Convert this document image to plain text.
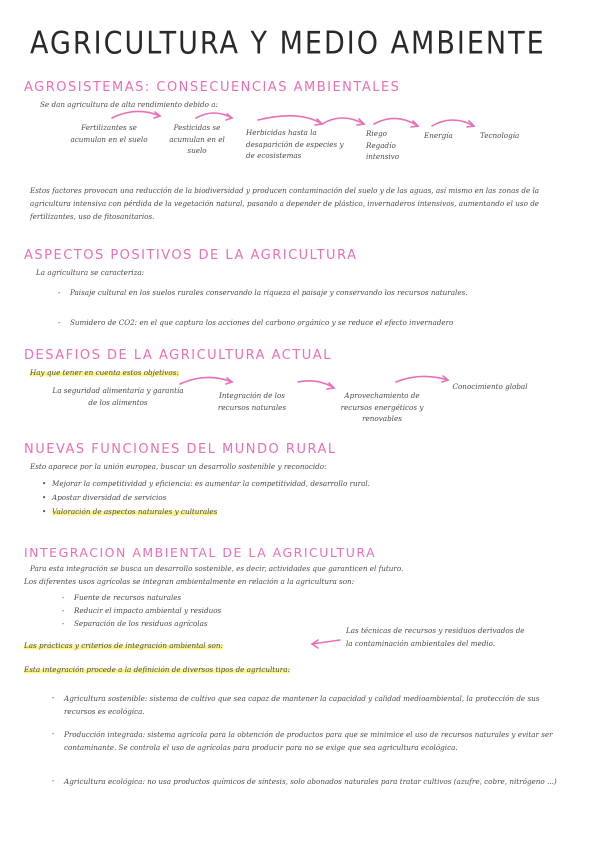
AGRICULTURA Y MEDIO AMBIENTE
AGROSISTEMAS: CONSECUENCIAS AMBIENTALES
Se dan agricultura de alta rendimiento debido a:
Fertilizantes se acumulan en el suelo
Pesticidas se acumulan en el suelo
Herbicidas hasta la desaparición de especies y de ecosistemas
Riego Regadío intensivo
Energía	Tecnología
Estos factores provocan una reducción de la biodiversidad y producen contaminación del suelo y de las aguas, así mismo en las zonas de la agricultura intensiva con pérdida de la vegetación natural, pasando a depender de plástico, invernaderos intensivos, aumentando el uso de fertilizantes, uso de fitosanitarios.
ASPECTOS POSITIVOS DE LA AGRICULTURA
La agricultura se caracteriza:
- Paisaje cultural en los suelos rurales conservando la riqueza el paisaje y conservando los recursos naturales.
- Sumidero de CO2: en el que captura los acciones del carbono orgánico y se reduce el efecto invernadero
DESAFIOS DE LA AGRICULTURA ACTUAL
Hay que tener en cuenta estos objetivos:
La seguridad alimentaria y garantía de los alimentos
Integración de los recursos naturales
Aprovechamiento de recursos energéticos y renovables
Conocimiento global
NUEVAS FUNCIONES DEL MUNDO RURAL
Esto aparece por la unión europea, buscar un desarrollo sostenible y reconocido:
• Mejorar la competitividad y eficiencia: es aumentar la competitividad, desarrollo rural.
• Apostar diversidad de servicios
• Valoración de aspectos naturales y culturales
INTEGRACION AMBIENTAL DE LA AGRICULTURA
Para esta integración se busca un desarrollo sostenible, es decir, actividades que garanticen el futuro.
Los diferentes usos agrícolas se integran ambientalmente en relación a la agricultura son:
- Fuente de recursos naturales
- Reducir el impacto ambiental y residuos
- Separación de los residuos agrícolas
Las prácticas y criterios de integración ambiental son:
Las técnicas de recursos y residuos derivados de la contaminación ambientales del medio.
Esta integración procede a la definición de diversos tipos de agricultura:
- Agricultura sostenible: sistema de cultivo que sea capaz de mantener la capacidad y calidad medioambiental, la protección de sus recursos es ecológica.
- Producción integrada: sistema agrícola para la obtención de productos para que se minimice el uso de recursos naturales y evitar ser contaminante. Se controla el uso de agrícolas para producir para no se exige que sea agricultura ecológica.
- Agricultura ecológica: no usa productos químicos de síntesis, solo abonados naturales para tratar cultivos (azufre, cobre, nitrógeno ...)
